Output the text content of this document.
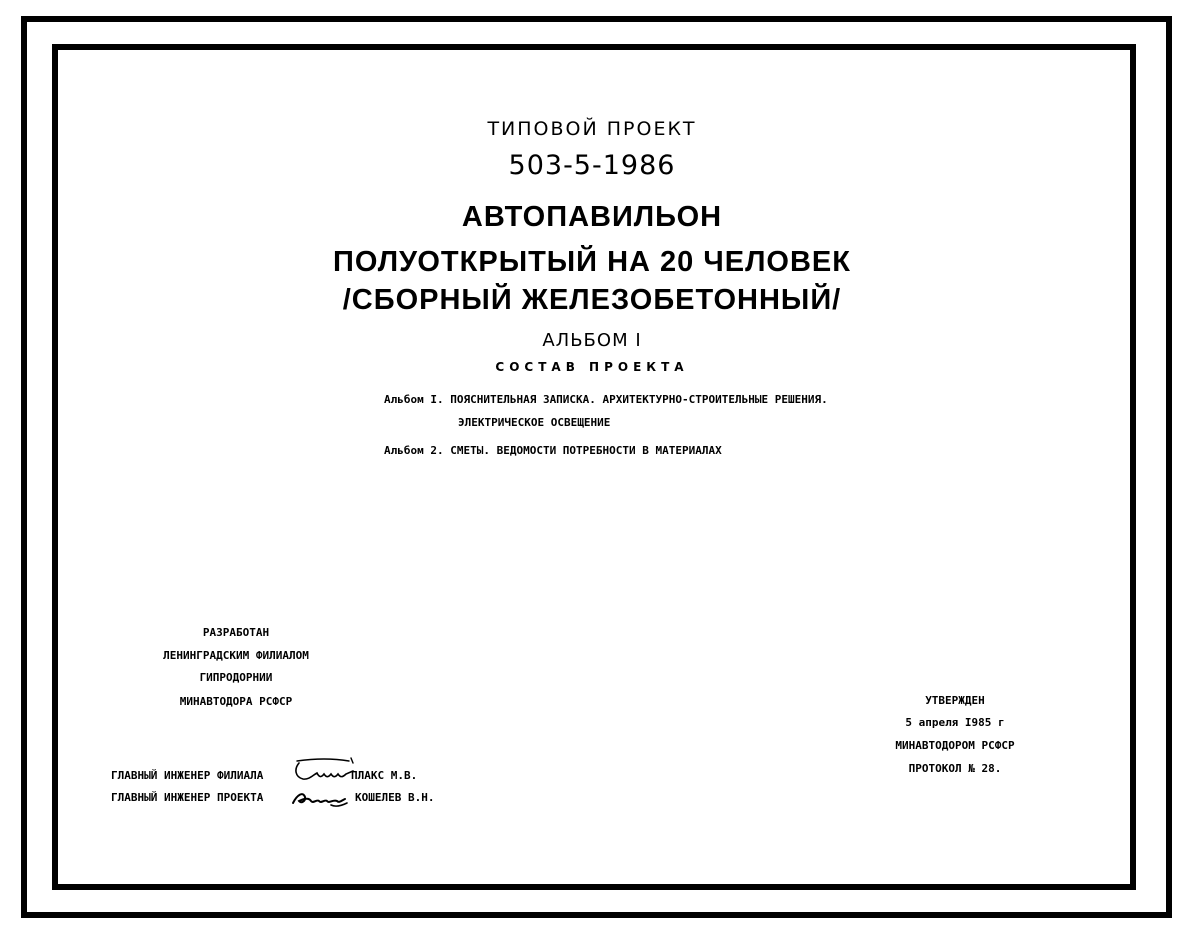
ТИПОВОЙ ПРОЕКТ
503-5-1986
АВТОПАВИЛЬОН
ПОЛУОТКРЫТЫЙ НА 20 ЧЕЛОВЕК
/СБОРНЫЙ ЖЕЛЕЗОБЕТОННЫЙ/
АЛЬБОМ I
СОСТАВ ПРОЕКТА
Альбом I. ПОЯСНИТЕЛЬНАЯ ЗАПИСКА. АРХИТЕКТУРНО-СТРОИТЕЛЬНЫЕ РЕШЕНИЯ.
ЭЛЕКТРИЧЕСКОЕ ОСВЕЩЕНИЕ
Альбом 2. СМЕТЫ. ВЕДОМОСТИ ПОТРЕБНОСТИ В МАТЕРИАЛАХ
РАЗРАБОТАН
ЛЕНИНГРАДСКИМ ФИЛИАЛОМ
ГИПРОДОРНИИ
МИНАВТОДОРА РСФСР	УТВЕРЖДЕН
5 апреля I985 г
МИНАВТОДОРОМ РСФСР
ПРОТОКОЛ № 28.
ГЛАВНЫЙ ИНЖЕНЕР ФИЛИАЛА	ПЛАКС М.В.
ГЛАВНЫЙ ИНЖЕНЕР ПРОЕКТА	КОШЕЛЕВ В.Н.
